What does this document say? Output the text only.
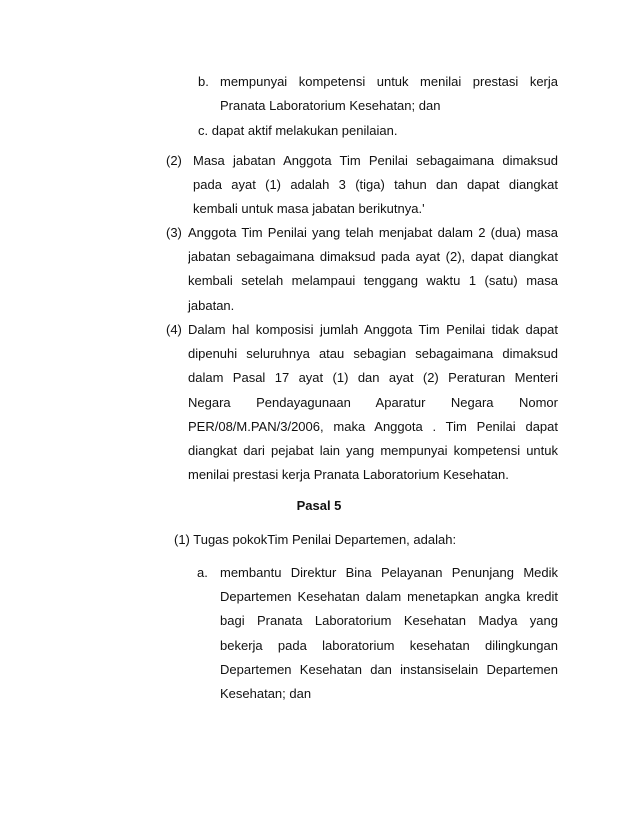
b. mempunyai kompetensi untuk menilai prestasi kerja
Pranata Laboratorium Kesehatan; dan
c. dapat aktif melakukan penilaian.
(2) Masa jabatan Anggota Tim Penilai sebagaimana dimaksud
pada ayat (1) adalah 3 (tiga) tahun dan dapat diangkat
kembali untuk masa jabatan berikutnya.'
(3) Anggota Tim Penilai yang telah menjabat dalam 2 (dua) masa
jabatan sebagaimana dimaksud pada ayat (2), dapat diangkat
kembali setelah melampaui tenggang waktu 1 (satu) masa
jabatan.
(4) Dalam hal komposisi jumlah Anggota Tim Penilai tidak dapat
dipenuhi seluruhnya atau sebagian sebagaimana dimaksud
dalam Pasal 17 ayat (1) dan ayat (2) Peraturan Menteri
Negara Pendayagunaan Aparatur Negara Nomor
PER/08/M.PAN/3/2006, maka Anggota . Tim Penilai dapat
diangkat dari pejabat lain yang mempunyai kompetensi untuk
menilai prestasi kerja Pranata Laboratorium Kesehatan.
Pasal 5
(1) Tugas pokokTim Penilai Departemen, adalah:
a. membantu Direktur Bina Pelayanan Penunjang Medik
Departemen Kesehatan dalam menetapkan angka kredit
bagi Pranata Laboratorium Kesehatan Madya yang
bekerja pada laboratorium kesehatan dilingkungan
Departemen Kesehatan dan instansiselain Departemen
Kesehatan; dan
